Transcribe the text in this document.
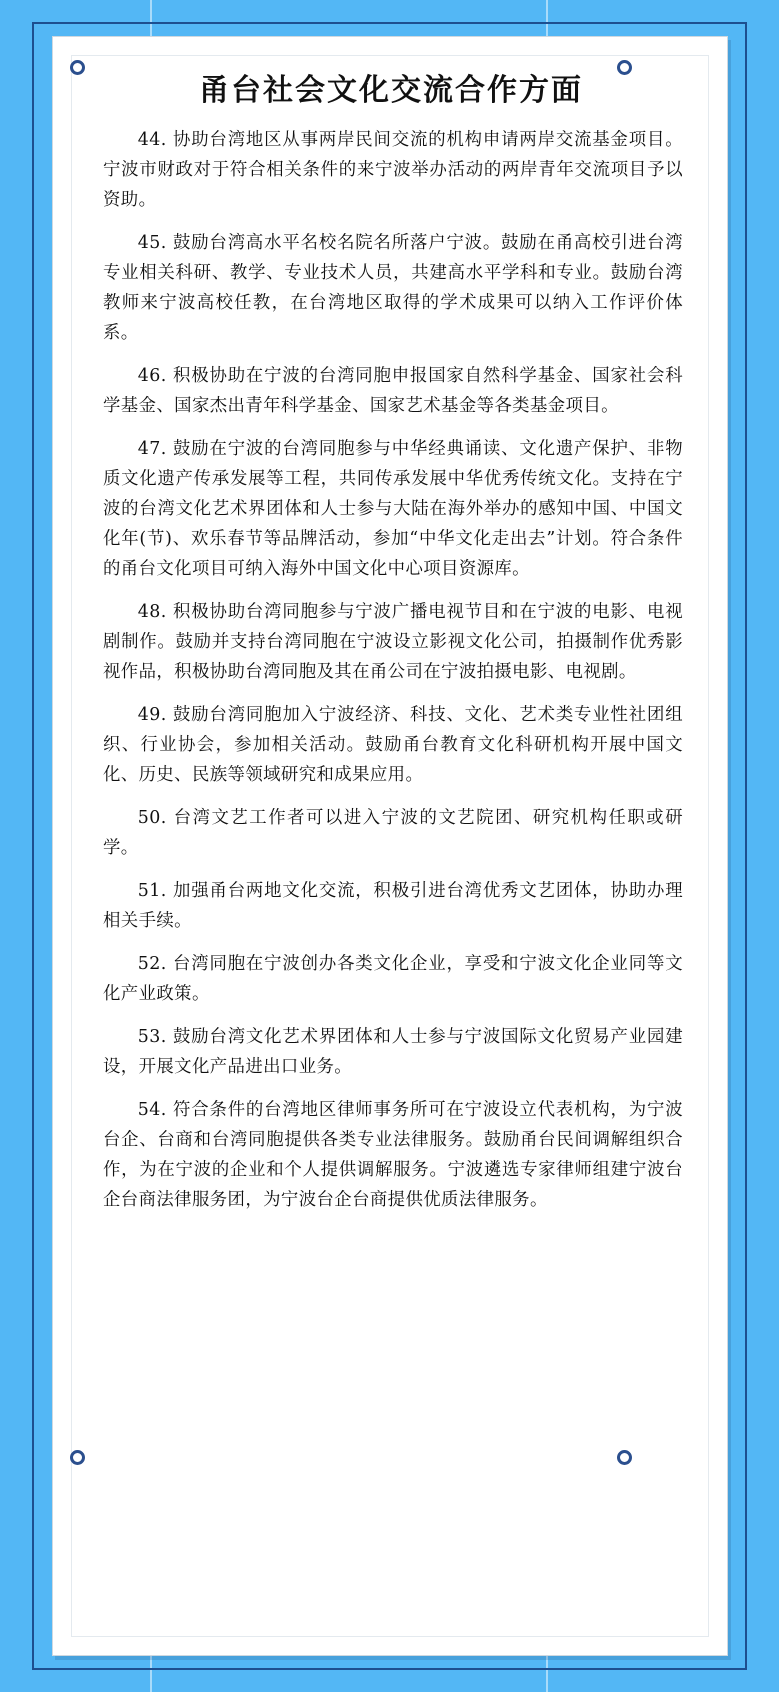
甬台社会文化交流合作方面

44. 协助台湾地区从事两岸民间交流的机构申请两岸交流基金项目。宁波市财政对于符合相关条件的来宁波举办活动的两岸青年交流项目予以资助。

45. 鼓励台湾高水平名校名院名所落户宁波。鼓励在甬高校引进台湾专业相关科研、教学、专业技术人员，共建高水平学科和专业。鼓励台湾教师来宁波高校任教，在台湾地区取得的学术成果可以纳入工作评价体系。

46. 积极协助在宁波的台湾同胞申报国家自然科学基金、国家社会科学基金、国家杰出青年科学基金、国家艺术基金等各类基金项目。

47. 鼓励在宁波的台湾同胞参与中华经典诵读、文化遗产保护、非物质文化遗产传承发展等工程，共同传承发展中华优秀传统文化。支持在宁波的台湾文化艺术界团体和人士参与大陆在海外举办的感知中国、中国文化年(节)、欢乐春节等品牌活动，参加“中华文化走出去”计划。符合条件的甬台文化项目可纳入海外中国文化中心项目资源库。

48. 积极协助台湾同胞参与宁波广播电视节目和在宁波的电影、电视剧制作。鼓励并支持台湾同胞在宁波设立影视文化公司，拍摄制作优秀影视作品，积极协助台湾同胞及其在甬公司在宁波拍摄电影、电视剧。

49. 鼓励台湾同胞加入宁波经济、科技、文化、艺术类专业性社团组织、行业协会，参加相关活动。鼓励甬台教育文化科研机构开展中国文化、历史、民族等领域研究和成果应用。

50. 台湾文艺工作者可以进入宁波的文艺院团、研究机构任职或研学。

51. 加强甬台两地文化交流，积极引进台湾优秀文艺团体，协助办理相关手续。

52. 台湾同胞在宁波创办各类文化企业，享受和宁波文化企业同等文化产业政策。

53. 鼓励台湾文化艺术界团体和人士参与宁波国际文化贸易产业园建设，开展文化产品进出口业务。

54. 符合条件的台湾地区律师事务所可在宁波设立代表机构，为宁波台企、台商和台湾同胞提供各类专业法律服务。鼓励甬台民间调解组织合作，为在宁波的企业和个人提供调解服务。宁波遴选专家律师组建宁波台企台商法律服务团，为宁波台企台商提供优质法律服务。
